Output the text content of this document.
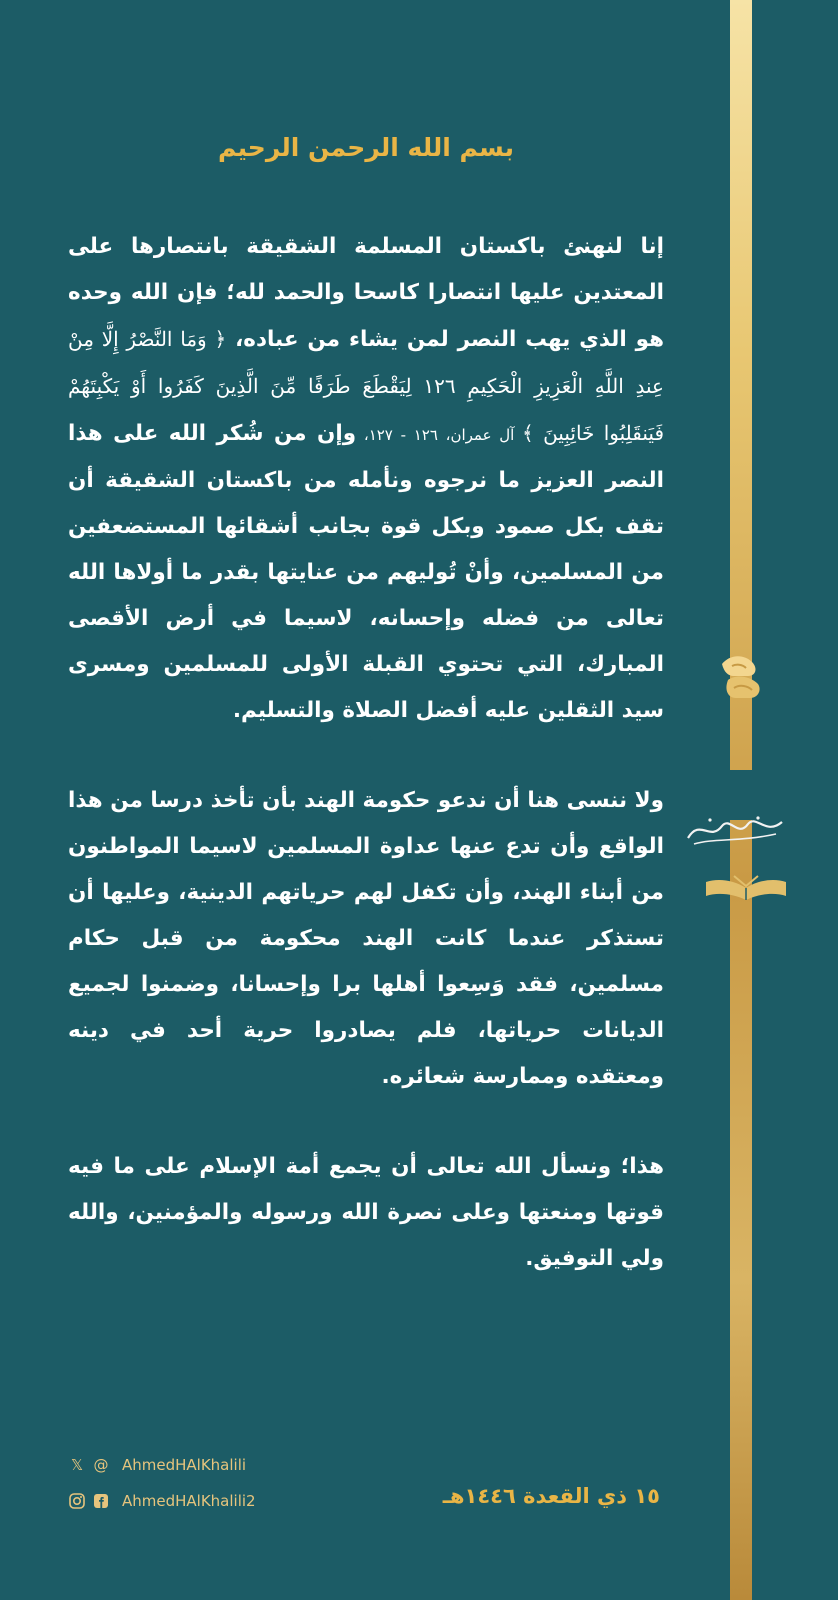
بسم الله الرحمن الرحيم

إنا لنهنئ باكستان المسلمة الشقيقة بانتصارها على المعتدين عليها انتصارا كاسحا والحمد لله؛ فإن الله وحده هو الذي يهب النصر لمن يشاء من عباده، ﴿ وَمَا النَّصْرُ إِلَّا مِنْ عِندِ اللَّهِ الْعَزِيزِ الْحَكِيمِ ١٢٦ لِيَقْطَعَ طَرَفًا مِّنَ الَّذِينَ كَفَرُوا أَوْ يَكْبِتَهُمْ فَيَنقَلِبُوا خَائِبِينَ ﴾ آل عمران، ١٢٦ - ١٢٧، وإن من شُكر الله على هذا النصر العزيز ما نرجوه ونأمله من باكستان الشقيقة أن تقف بكل صمود وبكل قوة بجانب أشقائها المستضعفين من المسلمين، وأنْ تُوليهم من عنايتها بقدر ما أولاها الله تعالى من فضله وإحسانه، لاسيما في أرض الأقصى المبارك، التي تحتوي القبلة الأولى للمسلمين ومسرى سيد الثقلين عليه أفضل الصلاة والتسليم.

ولا ننسى هنا أن ندعو حكومة الهند بأن تأخذ درسا من هذا الواقع وأن تدع عنها عداوة المسلمين لاسيما المواطنون من أبناء الهند، وأن تكفل لهم حرياتهم الدينية، وعليها أن تستذكر عندما كانت الهند محكومة من قبل حكام مسلمين، فقد وَسِعوا أهلها برا وإحسانا، وضمنوا لجميع الديانات حرياتها، فلم يصادروا حرية أحد في دينه ومعتقده وممارسة شعائره.

هذا؛ ونسأل الله تعالى أن يجمع أمة الإسلام على ما فيه قوتها ومنعتها وعلى نصرة الله ورسوله والمؤمنين، والله ولي التوفيق.

𝕏 @ AhmedHAlKhalili
AhmedHAlKhalili2	١٥ ذي القعدة ١٤٤٦هـ
